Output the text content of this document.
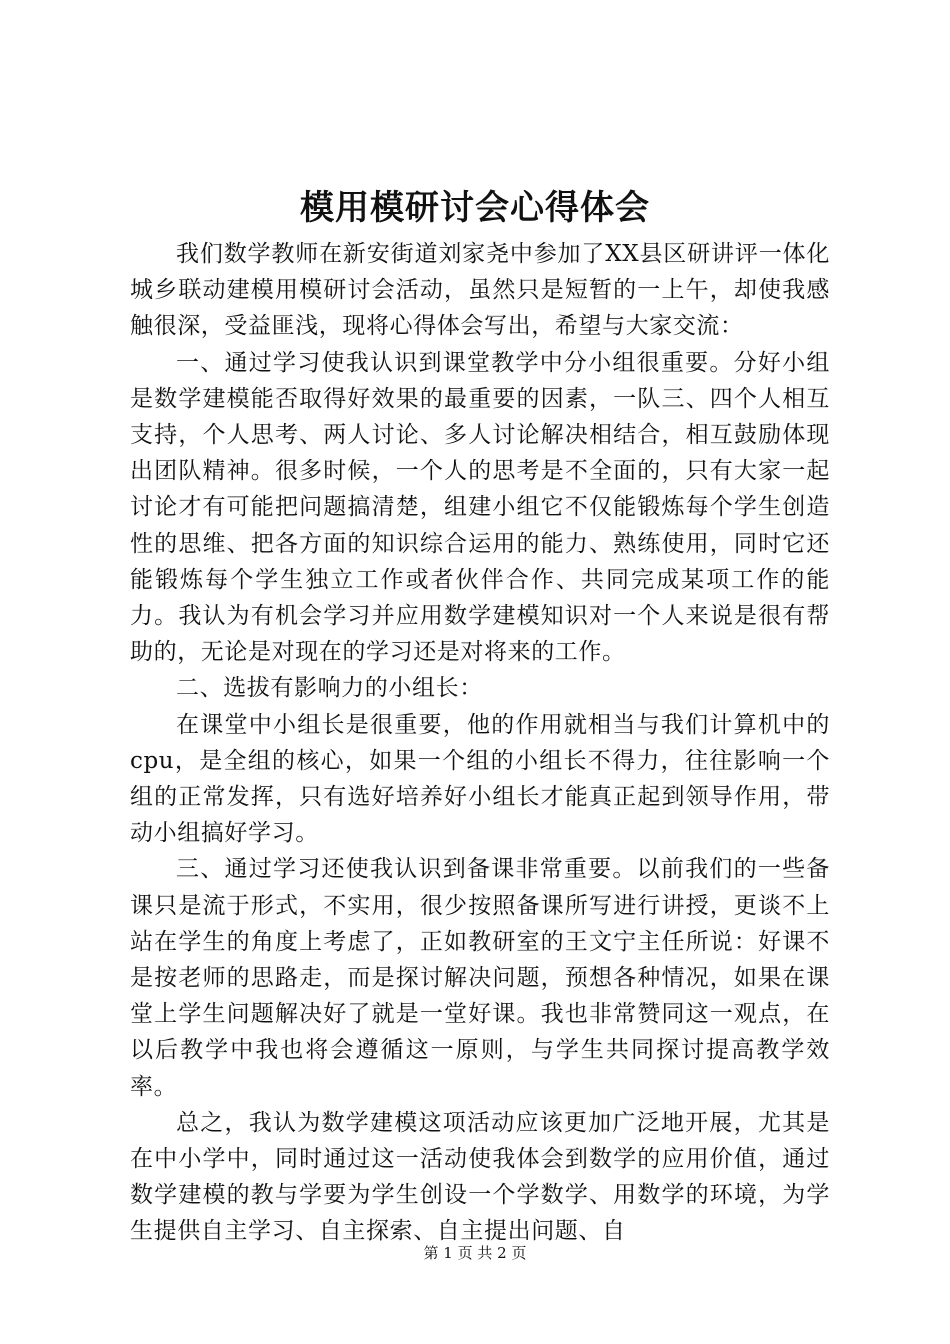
模用模研讨会心得体会

我们数学教师在新安街道刘家尧中参加了XX县区研讲评一体化城乡联动建模用模研讨会活动，虽然只是短暂的一上午，却使我感触很深，受益匪浅，现将心得体会写出，希望与大家交流：

一、通过学习使我认识到课堂教学中分小组很重要。分好小组是数学建模能否取得好效果的最重要的因素，一队三、四个人相互支持，个人思考、两人讨论、多人讨论解决相结合，相互鼓励体现出团队精神。很多时候，一个人的思考是不全面的，只有大家一起讨论才有可能把问题搞清楚，组建小组它不仅能锻炼每个学生创造性的思维、把各方面的知识综合运用的能力、熟练使用，同时它还能锻炼每个学生独立工作或者伙伴合作、共同完成某项工作的能力。我认为有机会学习并应用数学建模知识对一个人来说是很有帮助的，无论是对现在的学习还是对将来的工作。

二、选拔有影响力的小组长：

在课堂中小组长是很重要，他的作用就相当与我们计算机中的cpu，是全组的核心，如果一个组的小组长不得力，往往影响一个组的正常发挥，只有选好培养好小组长才能真正起到领导作用，带动小组搞好学习。

三、通过学习还使我认识到备课非常重要。以前我们的一些备课只是流于形式，不实用，很少按照备课所写进行讲授，更谈不上站在学生的角度上考虑了，正如教研室的王文宁主任所说：好课不是按老师的思路走，而是探讨解决问题，预想各种情况，如果在课堂上学生问题解决好了就是一堂好课。我也非常赞同这一观点，在以后教学中我也将会遵循这一原则，与学生共同探讨提高教学效率。

总之，我认为数学建模这项活动应该更加广泛地开展，尤其是在中小学中，同时通过这一活动使我体会到数学的应用价值，通过数学建模的教与学要为学生创设一个学数学、用数学的环境，为学生提供自主学习、自主探索、自主提出问题、自

第 1 页 共 2 页
